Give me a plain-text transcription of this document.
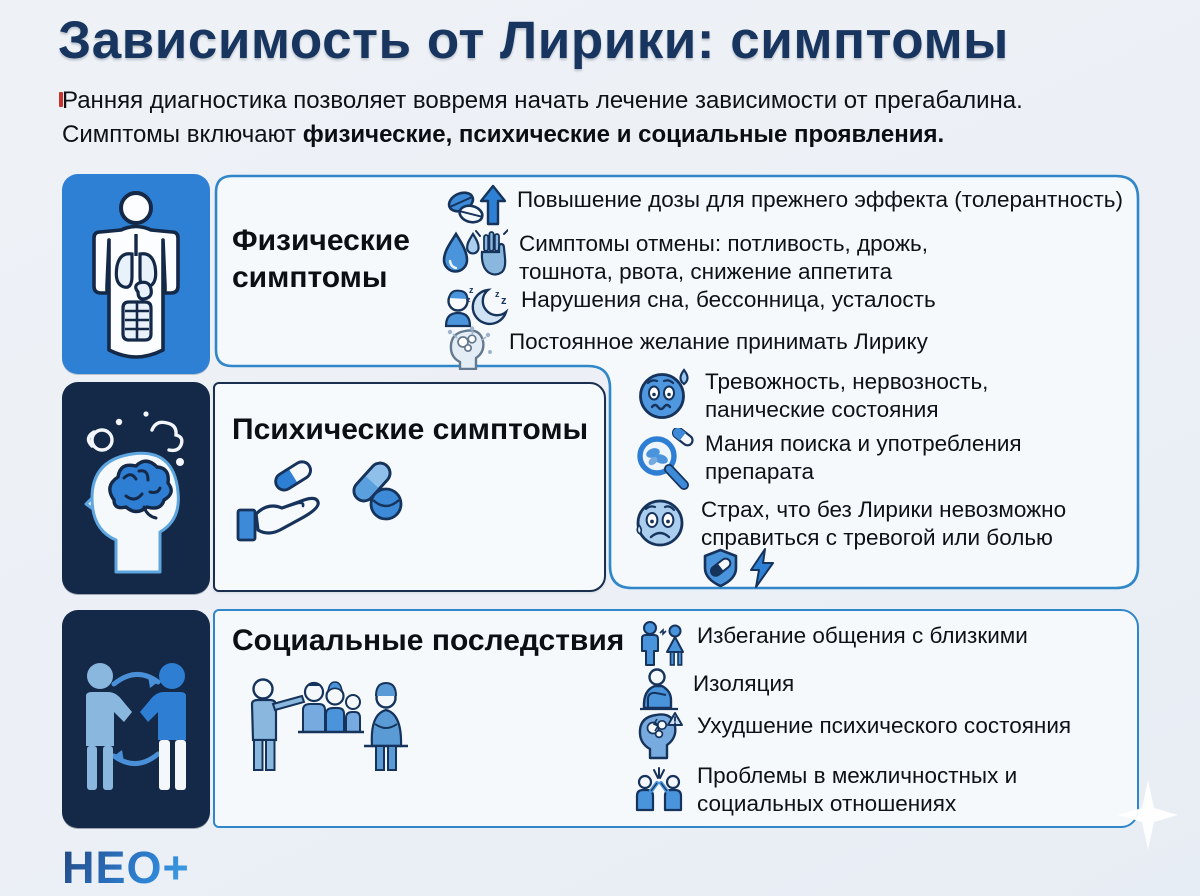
Зависимость от Лирики: симптомы
Ранняя диагностика позволяет вовремя начать лечение зависимости от прегабалина.
Симптомы включают физические, психические и социальные проявления.
Физические симптомы
Повышение дозы для прежнего эффекта (толерантность)
Симптомы отмены: потливость, дрожь, тошнота, рвота, снижение аппетита
z
z
z
z Нарушения сна, бессонница, усталость
Постоянное желание принимать Лирику
Психические симптомы
Тревожность, нервозность, панические состояния
Мания поиска и употребления препарата
Страх, что без Лирики невозможно справиться с тревогой или болью
Социальные последствия	Избегание общения с близкими
Изоляция
Ухудшение психического состояния
Проблемы в межличностных и социальных отношениях
НЕО+
